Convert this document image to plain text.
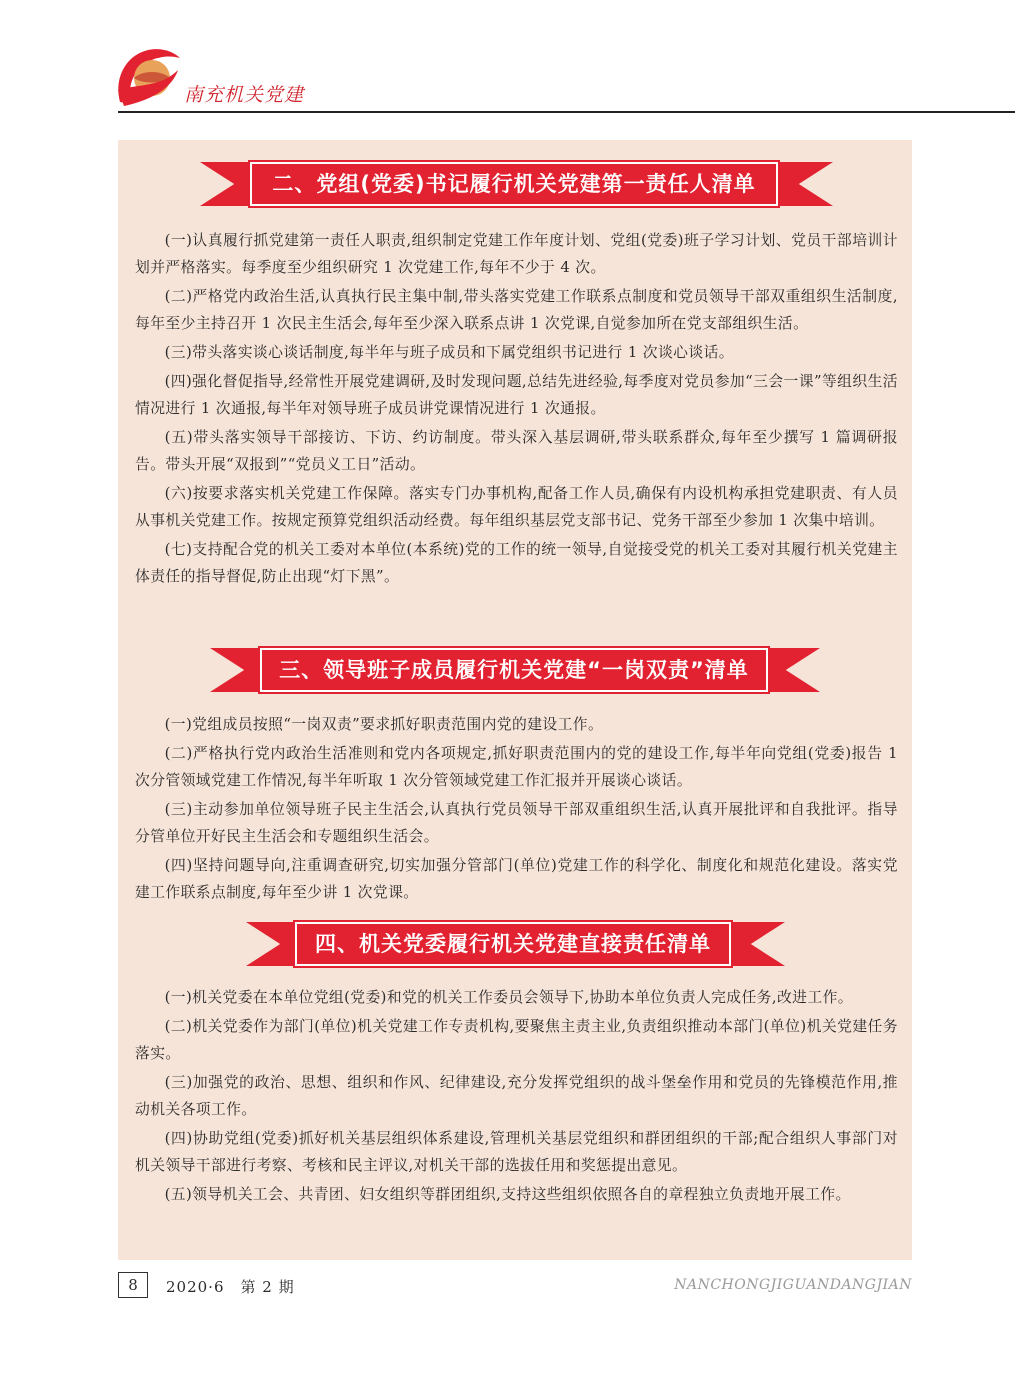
南充机关党建
二、党组(党委)书记履行机关党建第一责任人清单

(一)认真履行抓党建第一责任人职责,组织制定党建工作年度计划、党组(党委)班子学习计划、党员干部培训计划并严格落实。每季度至少组织研究 1 次党建工作,每年不少于 4 次。

(二)严格党内政治生活,认真执行民主集中制,带头落实党建工作联系点制度和党员领导干部双重组织生活制度,每年至少主持召开 1 次民主生活会,每年至少深入联系点讲 1 次党课,自觉参加所在党支部组织生活。

(三)带头落实谈心谈话制度,每半年与班子成员和下属党组织书记进行 1 次谈心谈话。

(四)强化督促指导,经常性开展党建调研,及时发现问题,总结先进经验,每季度对党员参加“三会一课”等组织生活情况进行 1 次通报,每半年对领导班子成员讲党课情况进行 1 次通报。

(五)带头落实领导干部接访、下访、约访制度。带头深入基层调研,带头联系群众,每年至少撰写 1 篇调研报告。带头开展“双报到”“党员义工日”活动。

(六)按要求落实机关党建工作保障。落实专门办事机构,配备工作人员,确保有内设机构承担党建职责、有人员从事机关党建工作。按规定预算党组织活动经费。每年组织基层党支部书记、党务干部至少参加 1 次集中培训。

(七)支持配合党的机关工委对本单位(本系统)党的工作的统一领导,自觉接受党的机关工委对其履行机关党建主体责任的指导督促,防止出现“灯下黑”。

三、领导班子成员履行机关党建“一岗双责”清单

(一)党组成员按照“一岗双责”要求抓好职责范围内党的建设工作。

(二)严格执行党内政治生活准则和党内各项规定,抓好职责范围内的党的建设工作,每半年向党组(党委)报告 1 次分管领域党建工作情况,每半年听取 1 次分管领域党建工作汇报并开展谈心谈话。

(三)主动参加单位领导班子民主生活会,认真执行党员领导干部双重组织生活,认真开展批评和自我批评。指导分管单位开好民主生活会和专题组织生活会。

(四)坚持问题导向,注重调查研究,切实加强分管部门(单位)党建工作的科学化、制度化和规范化建设。落实党建工作联系点制度,每年至少讲 1 次党课。

四、机关党委履行机关党建直接责任清单

(一)机关党委在本单位党组(党委)和党的机关工作委员会领导下,协助本单位负责人完成任务,改进工作。

(二)机关党委作为部门(单位)机关党建工作专责机构,要聚焦主责主业,负责组织推动本部门(单位)机关党建任务落实。

(三)加强党的政治、思想、组织和作风、纪律建设,充分发挥党组织的战斗堡垒作用和党员的先锋模范作用,推动机关各项工作。

(四)协助党组(党委)抓好机关基层组织体系建设,管理机关基层党组织和群团组织的干部;配合组织人事部门对机关领导干部进行考察、考核和民主评议,对机关干部的选拔任用和奖惩提出意见。

(五)领导机关工会、共青团、妇女组织等群团组织,支持这些组织依照各自的章程独立负责地开展工作。

8	2020·6　第 2 期	NANCHONGJIGUANDANGJIAN
